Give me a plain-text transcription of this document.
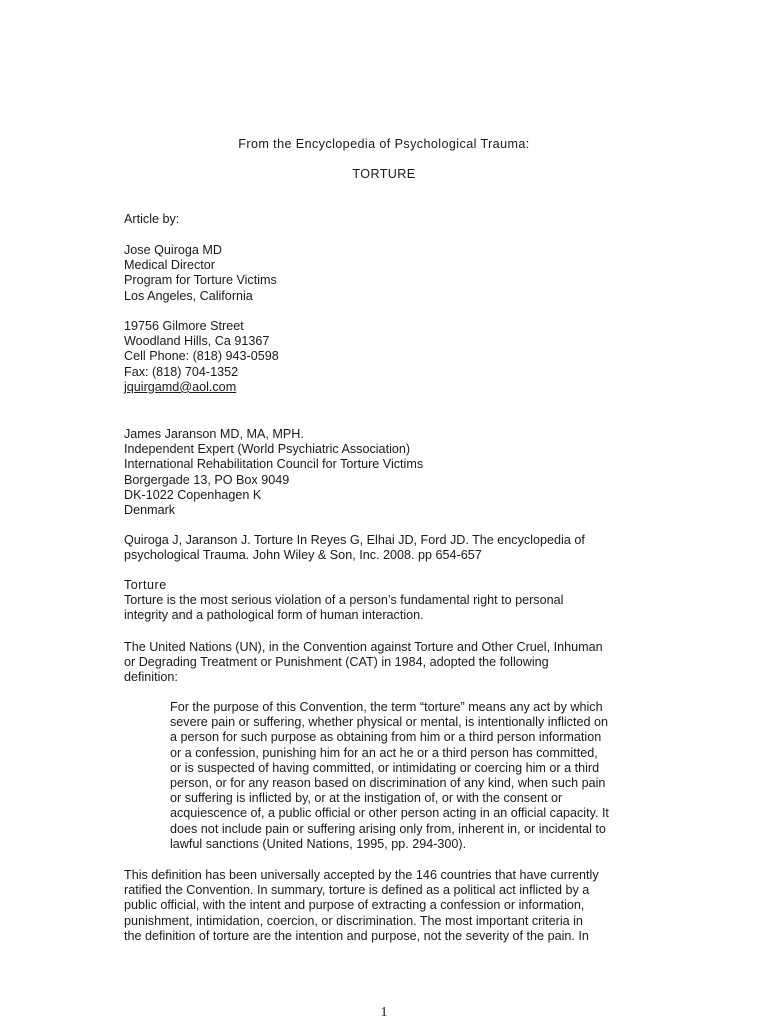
From the Encyclopedia of Psychological Trauma:
TORTURE
Article by:
Jose Quiroga MD
Medical Director
Program for Torture Victims
Los Angeles, California
19756 Gilmore Street
Woodland Hills, Ca 91367
Cell Phone: (818) 943-0598
Fax: (818) 704-1352
jquirgamd@aol.com
James Jaranson MD, MA, MPH.
Independent Expert (World Psychiatric Association)
International Rehabilitation Council for Torture Victims
Borgergade 13, PO Box 9049
DK-1022 Copenhagen K
Denmark
Quiroga J, Jaranson J. Torture In Reyes G, Elhai JD, Ford JD. The encyclopedia of
psychological Trauma. John Wiley & Son, Inc. 2008. pp 654-657
Torture
Torture is the most serious violation of a person’s fundamental right to personal
integrity and a pathological form of human interaction.
The United Nations (UN), in the Convention against Torture and Other Cruel, Inhuman
or Degrading Treatment or Punishment (CAT) in 1984, adopted the following
definition:
For the purpose of this Convention, the term “torture” means any act by which
severe pain or suffering, whether physical or mental, is intentionally inflicted on
a person for such purpose as obtaining from him or a third person information
or a confession, punishing him for an act he or a third person has committed,
or is suspected of having committed, or intimidating or coercing him or a third
person, or for any reason based on discrimination of any kind, when such pain
or suffering is inflicted by, or at the instigation of, or with the consent or
acquiescence of, a public official or other person acting in an official capacity. It
does not include pain or suffering arising only from, inherent in, or incidental to
lawful sanctions (United Nations, 1995, pp. 294-300).
This definition has been universally accepted by the 146 countries that have currently
ratified the Convention. In summary, torture is defined as a political act inflicted by a
public official, with the intent and purpose of extracting a confession or information,
punishment, intimidation, coercion, or discrimination. The most important criteria in
the definition of torture are the intention and purpose, not the severity of the pain. In
1
